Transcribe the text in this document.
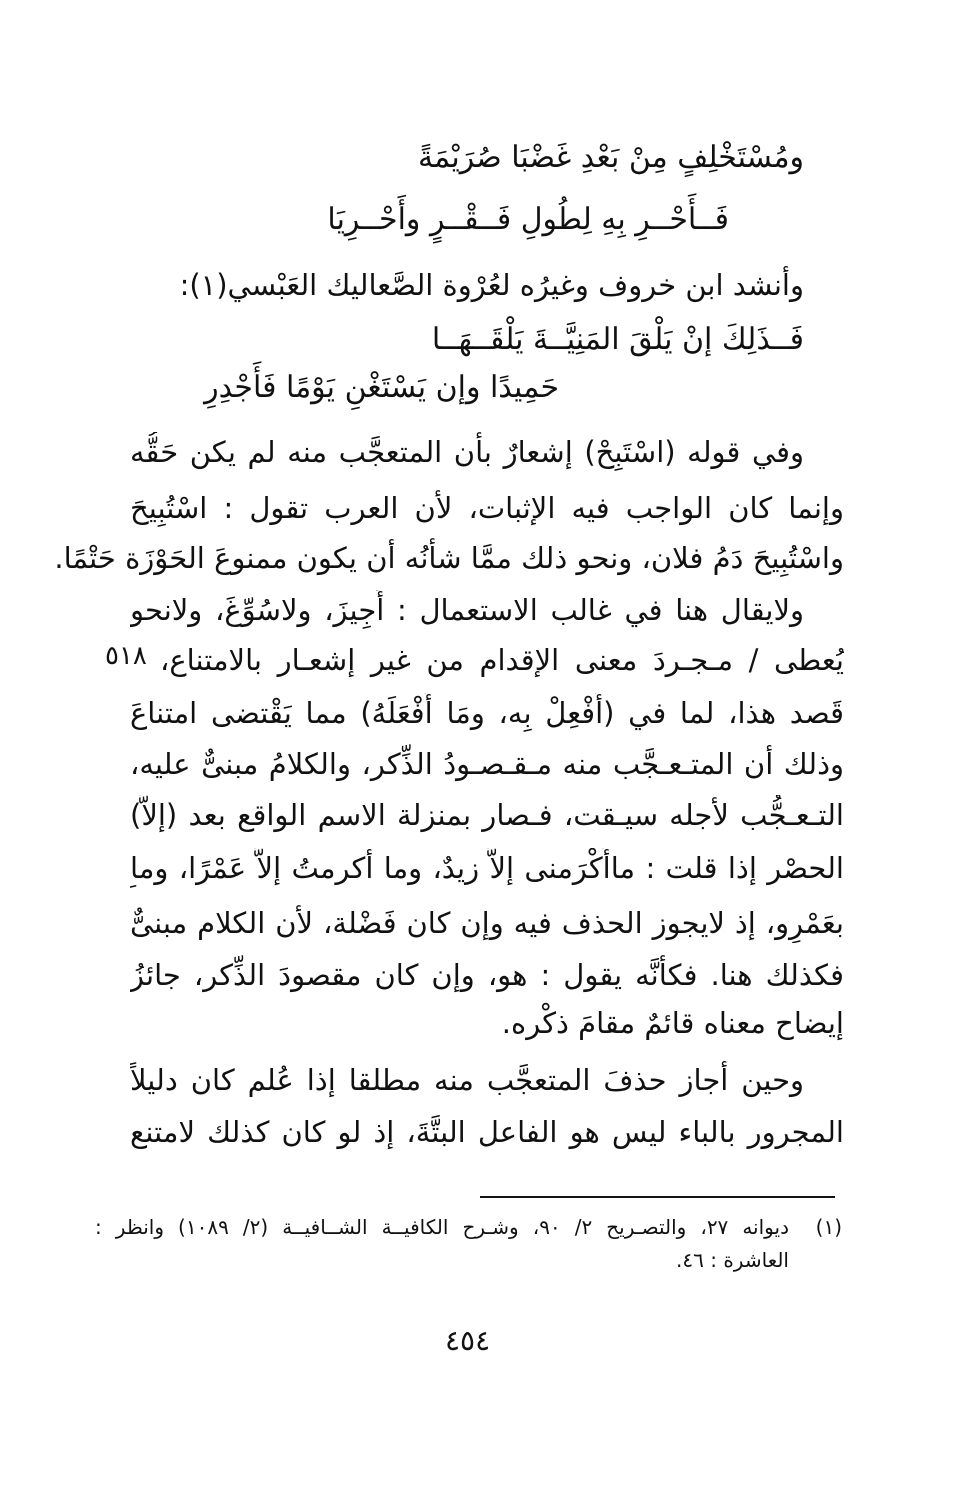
ومُسْتَخْلِفٍ مِنْ بَعْدِ غَضْبَا صُرَيْمَةً
فَــأَحْــرِ بِهِ لِطُولِ فَــقْــرٍ وأَحْــرِيَا
وأنشد ابن خروف وغيرُه لعُرْوة الصَّعاليك العَبْسي(١):
فَــذَلِكَ إنْ يَلْقَ المَنِيَّــةَ يَلْقَــهَــا
حَمِيدًا وإن يَسْتَغْنِ يَوْمًا فَأَجْدِرِ
وفي قوله (اسْتَبِحْ) إشعارٌ بأن المتعجَّب منه لم يكن حَقُّه
وإنما كان الواجب فيه الإثبات، لأن العرب تقول : اسْتُبِيحَ
واسْتُبِيحَ دَمُ فلان، ونحو ذلك ممَّا شأنُه أن يكون ممنوعَ الحَوْزَة حَتْمًا.
ولايقال هنا في غالب الاستعمال : أُجِيزَ، ولاسُوِّغَ، ولانحو
يُعطى / مـجـردَ معنى الإقدام من غير إشعـار بالامتناع،
٥١٨
قَصد هذا، لما في (أَفْعِلْ بِه، ومَا أَفْعَلَهُ) مما يَقْتضى امتناعَ
وذلك أن المتـعـجَّب منه مـقـصـودُ الذِّكر، والكلامُ مبنىٌّ عليه،
التـعـجُّب لأجله سيـقت، فـصار بمنزلة الاسم الواقع بعد (إلاَّ)
الحصْر إذا قلت : ماأَكْرَمنى إلاَّ زيدٌ، وما أكرمتُ إلاَّ عَمْرًا، وما
بعَمْرٍو، إذ لايجوز الحذف فيه وإن كان فَضْلة، لأن الكلام مبنىٌّ
فكذلك هنا. فكأنَّه يقول : هو، وإن كان مقصودَ الذِّكر، جائزُ
إيضاح معناه قائمٌ مقامَ ذكْره.
وحين أجاز حذفَ المتعجَّب منه مطلقا إذا عُلم كان دليلاً
المجرور بالباء ليس هو الفاعل البتَّةَ، إذ لو كان كذلك لامتنع
(١)
ديوانه ٢٧، والتصـريح ٢/ ٩٠، وشـرح الكافيــة الشــافيــة (٢/ ١٠٨٩) وانظر :
العاشرة : ٤٦.
٤٥٤
